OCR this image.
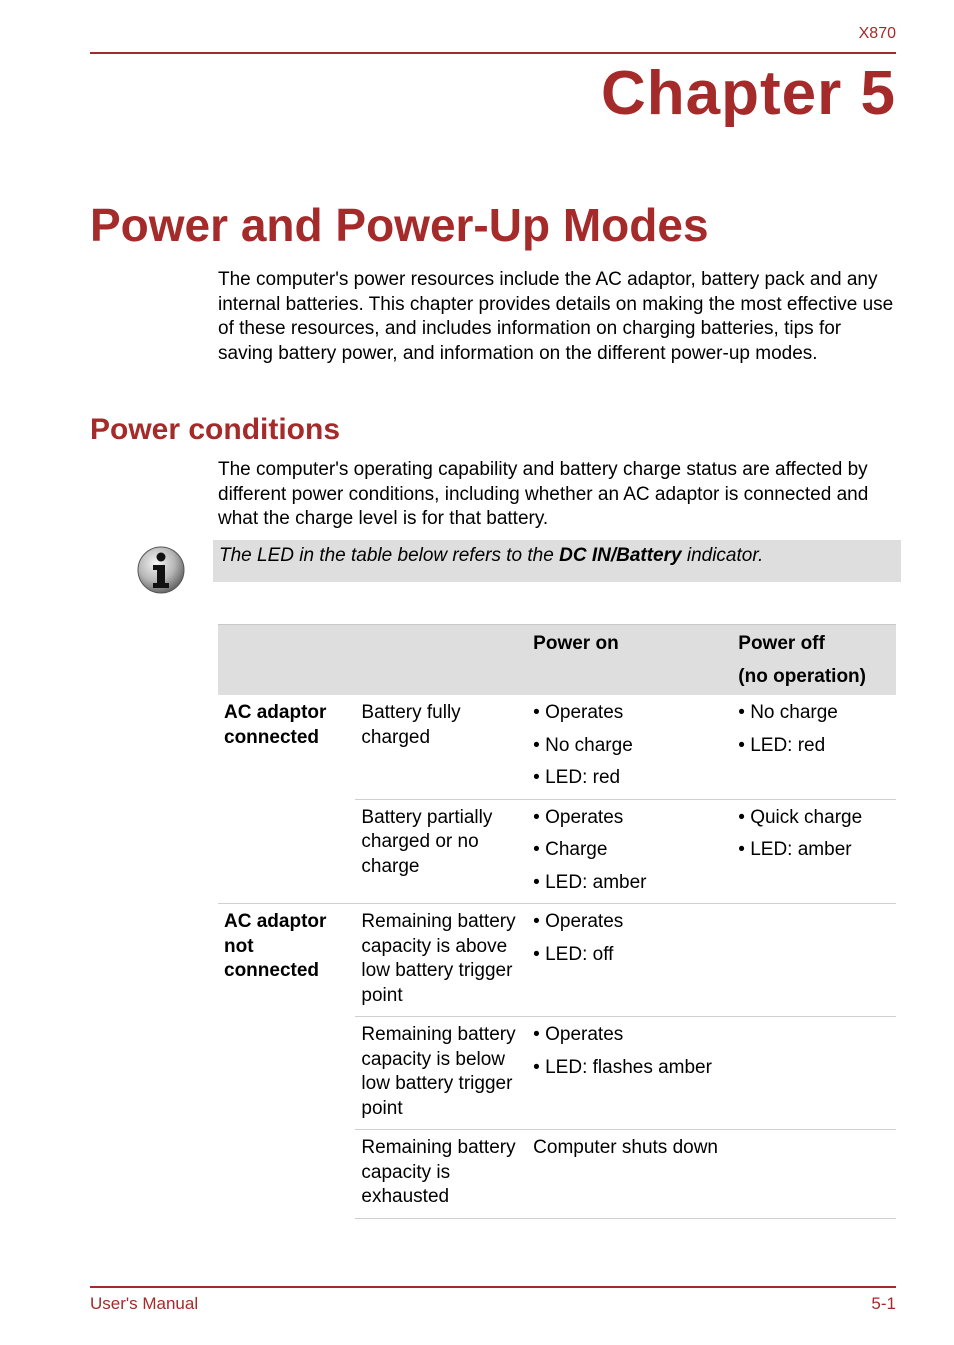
X870
Chapter 5
Power and Power-Up Modes

The computer's power resources include the AC adaptor, battery pack and any internal batteries. This chapter provides details on making the most effective use of these resources, and includes information on charging batteries, tips for saving battery power, and information on the different power-up modes.

Power conditions

The computer's operating capability and battery charge status are affected by different power conditions, including whether an AC adaptor is connected and what the charge level is for that battery.

The LED in the table below refers to the DC IN/Battery indicator.

		Power on	Power off
(no operation)

AC adaptor connected	Battery fully charged	• Operates
• No charge
• LED: red	• No charge
• LED: red

	Battery partially charged or no charge	• Operates
• Charge
• LED: amber	• Quick charge
• LED: amber

AC adaptor not connected	Remaining battery capacity is above low battery trigger point	• Operates
• LED: off	

	Remaining battery capacity is below low battery trigger point	• Operates
• LED: flashes amber	

	Remaining battery capacity is exhausted	Computer shuts down	

User's Manual	5-1
